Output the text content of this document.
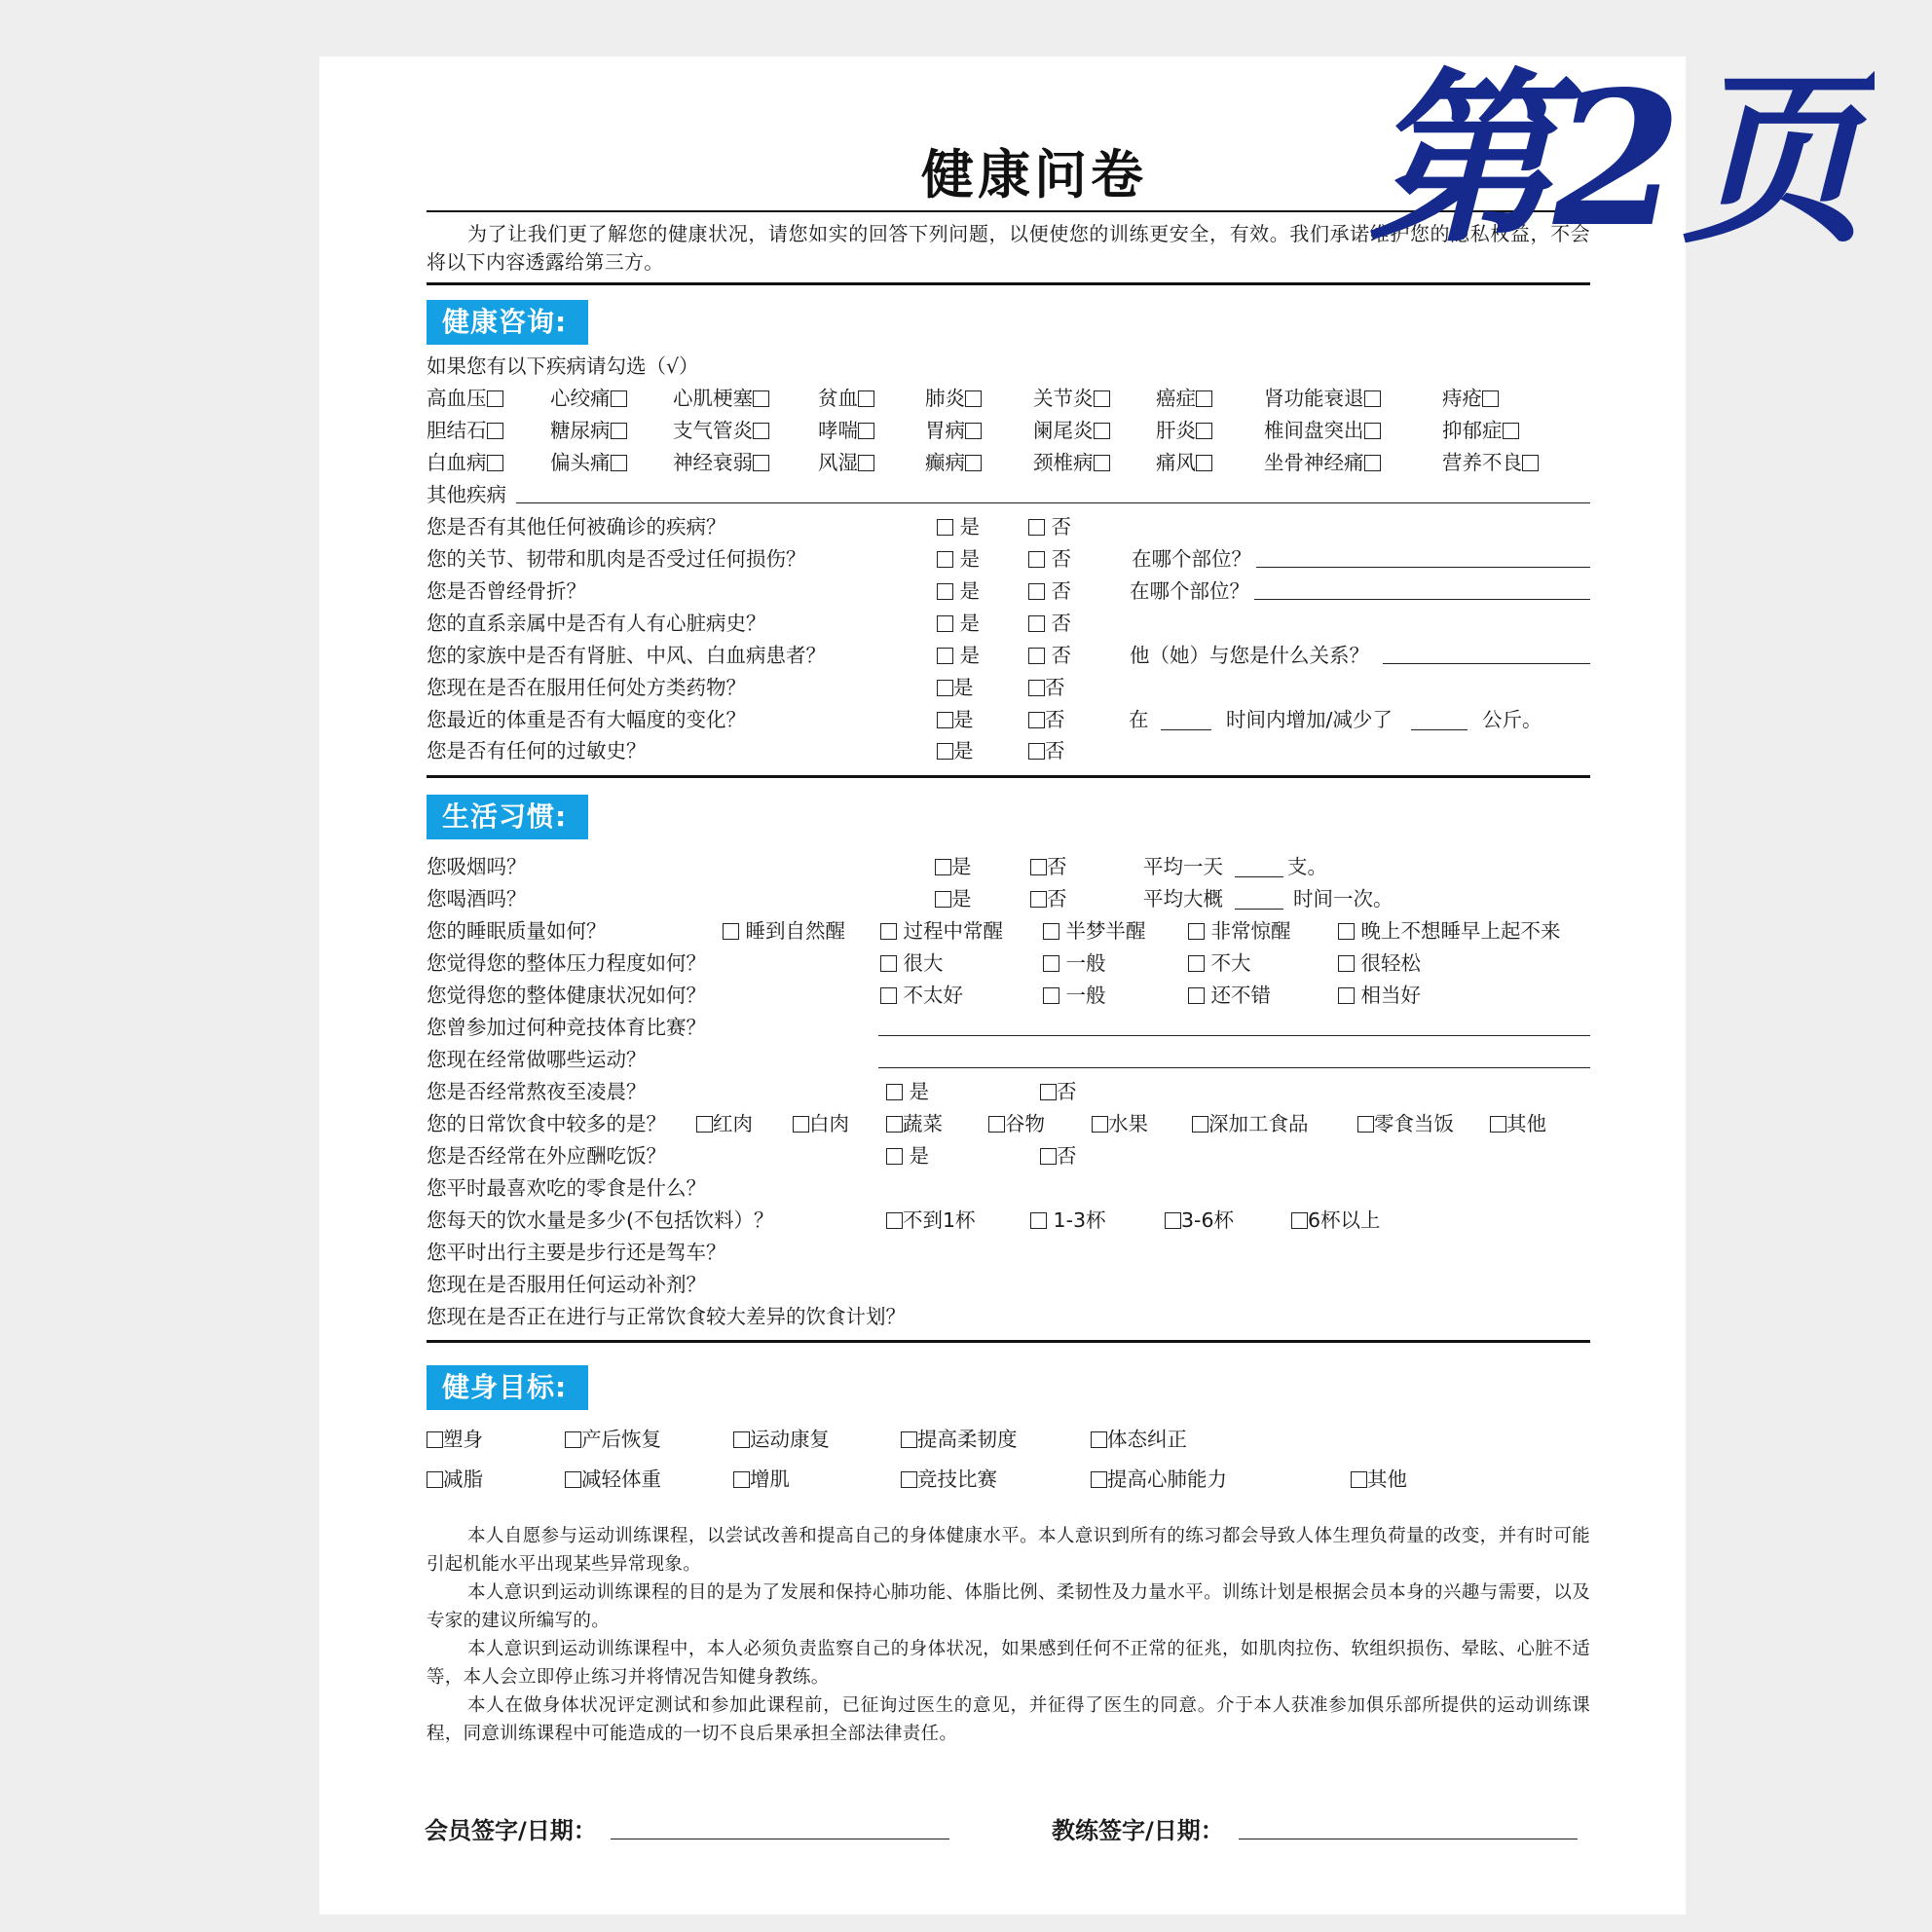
健康问卷 第2页
为了让我们更了解您的健康状况，请您如实的回答下列问题，以便使您的训练更安全，有效。我们承诺维护您的隐私权益，不会将以下内容透露给第三方。
健康咨询:
如果您有以下疾病请勾选（√）
高血压	心绞痛	心肌梗塞	贫血	肺炎	关节炎	癌症	肾功能衰退	痔疮
胆结石	糖尿病	支气管炎	哮喘	胃病	阑尾炎	肝炎	椎间盘突出	抑郁症
白血病	偏头痛	神经衰弱	风湿	癫病	颈椎病	痛风	坐骨神经痛	营养不良
其他疾病
您是否有其他任何被确诊的疾病？	是	否
您的关节、韧带和肌肉是否受过任何损伤？	是	否	在哪个部位？
您是否曾经骨折？	是	否	在哪个部位？
您的直系亲属中是否有人有心脏病史？	是	否
您的家族中是否有肾脏、中风、白血病患者？	是	否	他（她）与您是什么关系？
您现在是否在服用任何处方类药物？	是	否
您最近的体重是否有大幅度的变化？	是	否	在	时间内增加/减少了	公斤。
您是否有任何的过敏史？	是	否
生活习惯:
您吸烟吗？	是	否	平均一天	支。
您喝酒吗？	是	否	平均大概	时间一次。
您的睡眠质量如何？	睡到自然醒	过程中常醒	半梦半醒	非常惊醒	晚上不想睡早上起不来
您觉得您的整体压力程度如何？	很大	一般	不大	很轻松
您觉得您的整体健康状况如何？	不太好	一般	还不错	相当好
您曾参加过何种竞技体育比赛？
您现在经常做哪些运动？
您是否经常熬夜至凌晨？	是	否
您的日常饮食中较多的是？	红肉	白肉	蔬菜	谷物	水果	深加工食品	零食当饭	其他
您是否经常在外应酬吃饭？	是	否
您平时最喜欢吃的零食是什么？
您每天的饮水量是多少(不包括饮料）？	不到1杯	1-3杯	3-6杯	6杯以上
您平时出行主要是步行还是驾车？
您现在是否服用任何运动补剂？
您现在是否正在进行与正常饮食较大差异的饮食计划？
健身目标:
塑身	产后恢复	运动康复	提高柔韧度	体态纠正
减脂	减轻体重	增肌	竞技比赛	提高心肺能力	其他
本人自愿参与运动训练课程，以尝试改善和提高自己的身体健康水平。本人意识到所有的练习都会导致人体生理负荷量的改变，并有时可能引起机能水平出现某些异常现象。
本人意识到运动训练课程的目的是为了发展和保持心肺功能、体脂比例、柔韧性及力量水平。训练计划是根据会员本身的兴趣与需要，以及专家的建议所编写的。
本人意识到运动训练课程中，本人必须负责监察自己的身体状况，如果感到任何不正常的征兆，如肌肉拉伤、软组织损伤、晕眩、心脏不适等，本人会立即停止练习并将情况告知健身教练。
本人在做身体状况评定测试和参加此课程前，已征询过医生的意见，并征得了医生的同意。介于本人获准参加俱乐部所提供的运动训练课程，同意训练课程中可能造成的一切不良后果承担全部法律责任。
会员签字/日期：	教练签字/日期：
